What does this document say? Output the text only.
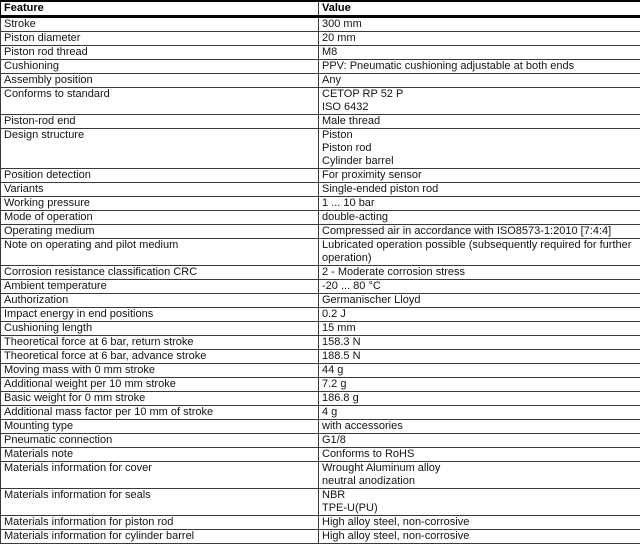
Feature	Value
Stroke	300 mm

Piston diameter	20 mm

Piston rod thread	M8

Cushioning	PPV: Pneumatic cushioning adjustable at both ends

Assembly position	Any

Conforms to standard	CETOP RP 52 P
ISO 6432

Piston-rod end	Male thread

Design structure	Piston
Piston rod
Cylinder barrel

Position detection	For proximity sensor

Variants	Single-ended piston rod

Working pressure	1 ... 10 bar

Mode of operation	double-acting

Operating medium	Compressed air in accordance with ISO8573-1:2010 [7:4:4]

Note on operating and pilot medium	Lubricated operation possible (subsequently required for further operation)

Corrosion resistance classification CRC	2 - Moderate corrosion stress

Ambient temperature	-20 ... 80 °C

Authorization	Germanischer Lloyd

Impact energy in end positions	0.2 J

Cushioning length	15 mm

Theoretical force at 6 bar, return stroke	158.3 N

Theoretical force at 6 bar, advance stroke	188.5 N

Moving mass with 0 mm stroke	44 g

Additional weight per 10 mm stroke	7.2 g

Basic weight for 0 mm stroke	186.8 g

Additional mass factor per 10 mm of stroke	4 g

Mounting type	with accessories

Pneumatic connection	G1/8

Materials note	Conforms to RoHS

Materials information for cover	Wrought Aluminum alloy
neutral anodization

Materials information for seals	NBR
TPE-U(PU)

Materials information for piston rod	High alloy steel, non-corrosive

Materials information for cylinder barrel	High alloy steel, non-corrosive
